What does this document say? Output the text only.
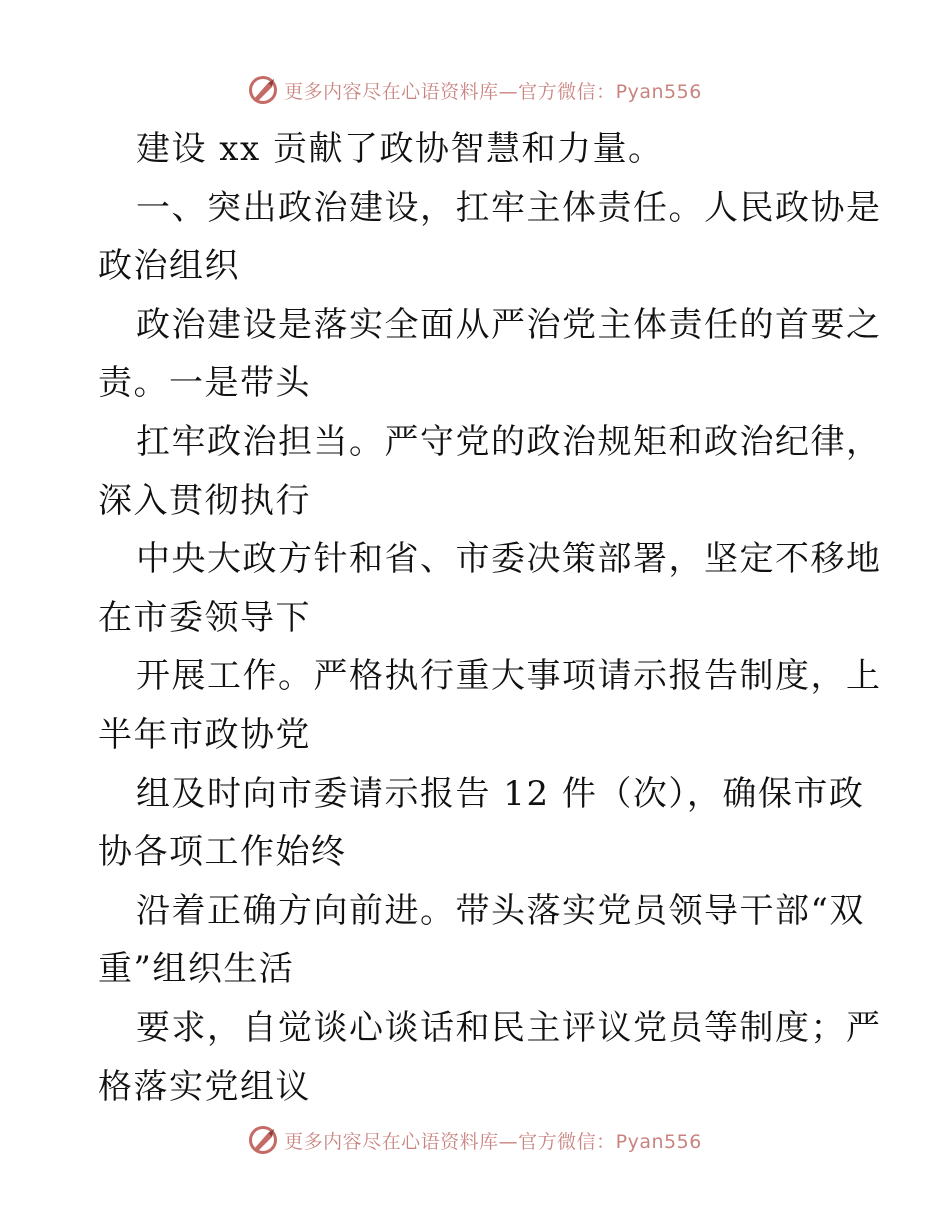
更多内容尽在心语资料库—官方微信：Pyan556
建设 xx 贡献了政协智慧和力量。
一、突出政治建设，扛牢主体责任。人民政协是
政治组织
政治建设是落实全面从严治党主体责任的首要之
责。一是带头
扛牢政治担当。严守党的政治规矩和政治纪律，
深入贯彻执行
中央大政方针和省、市委决策部署，坚定不移地
在市委领导下
开展工作。严格执行重大事项请示报告制度，上
半年市政协党
组及时向市委请示报告 12 件（次），确保市政
协各项工作始终
沿着正确方向前进。带头落实党员领导干部“双
重”组织生活
要求，自觉谈心谈话和民主评议党员等制度；严
格落实党组议
更多内容尽在心语资料库—官方微信：Pyan556
